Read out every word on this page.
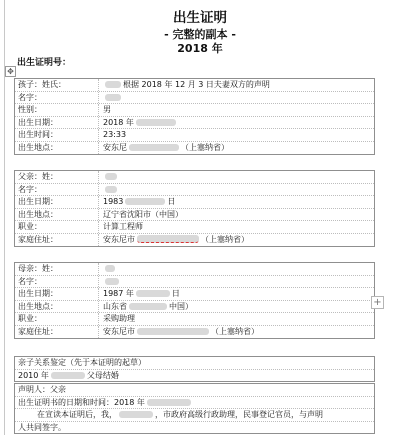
出生证明
- 完整的副本 -
2018 年
出生证明号：
✥
孩子：姓氏：	根据 2018 年 12 月 3 日夫妻双方的声明
名字：
性别：	男
出生日期：	2018 年
出生时间：	23:33
出生地点：	安东尼	（上塞纳省）
父亲：姓：
名字：
出生日期：	1983	日
出生地点：	辽宁省沈阳市（中国）
职业：	计算工程师
家庭住址：	安东尼市	（上塞纳省）
母亲：姓：
名字：
出生日期：	1987 年	日
出生地点：	山东省	中国）
职业：	采购助理
家庭住址：	安东尼市	（上塞纳省）
+
亲子关系鉴定（先于本证明的起草）
2010 年	父母结婚
声明人：父亲
出生证明书的日期和时间：2018 年
在宣读本证明后，我，	，市政府高级行政助理，民事登记官员，与声明
人共同签字。
